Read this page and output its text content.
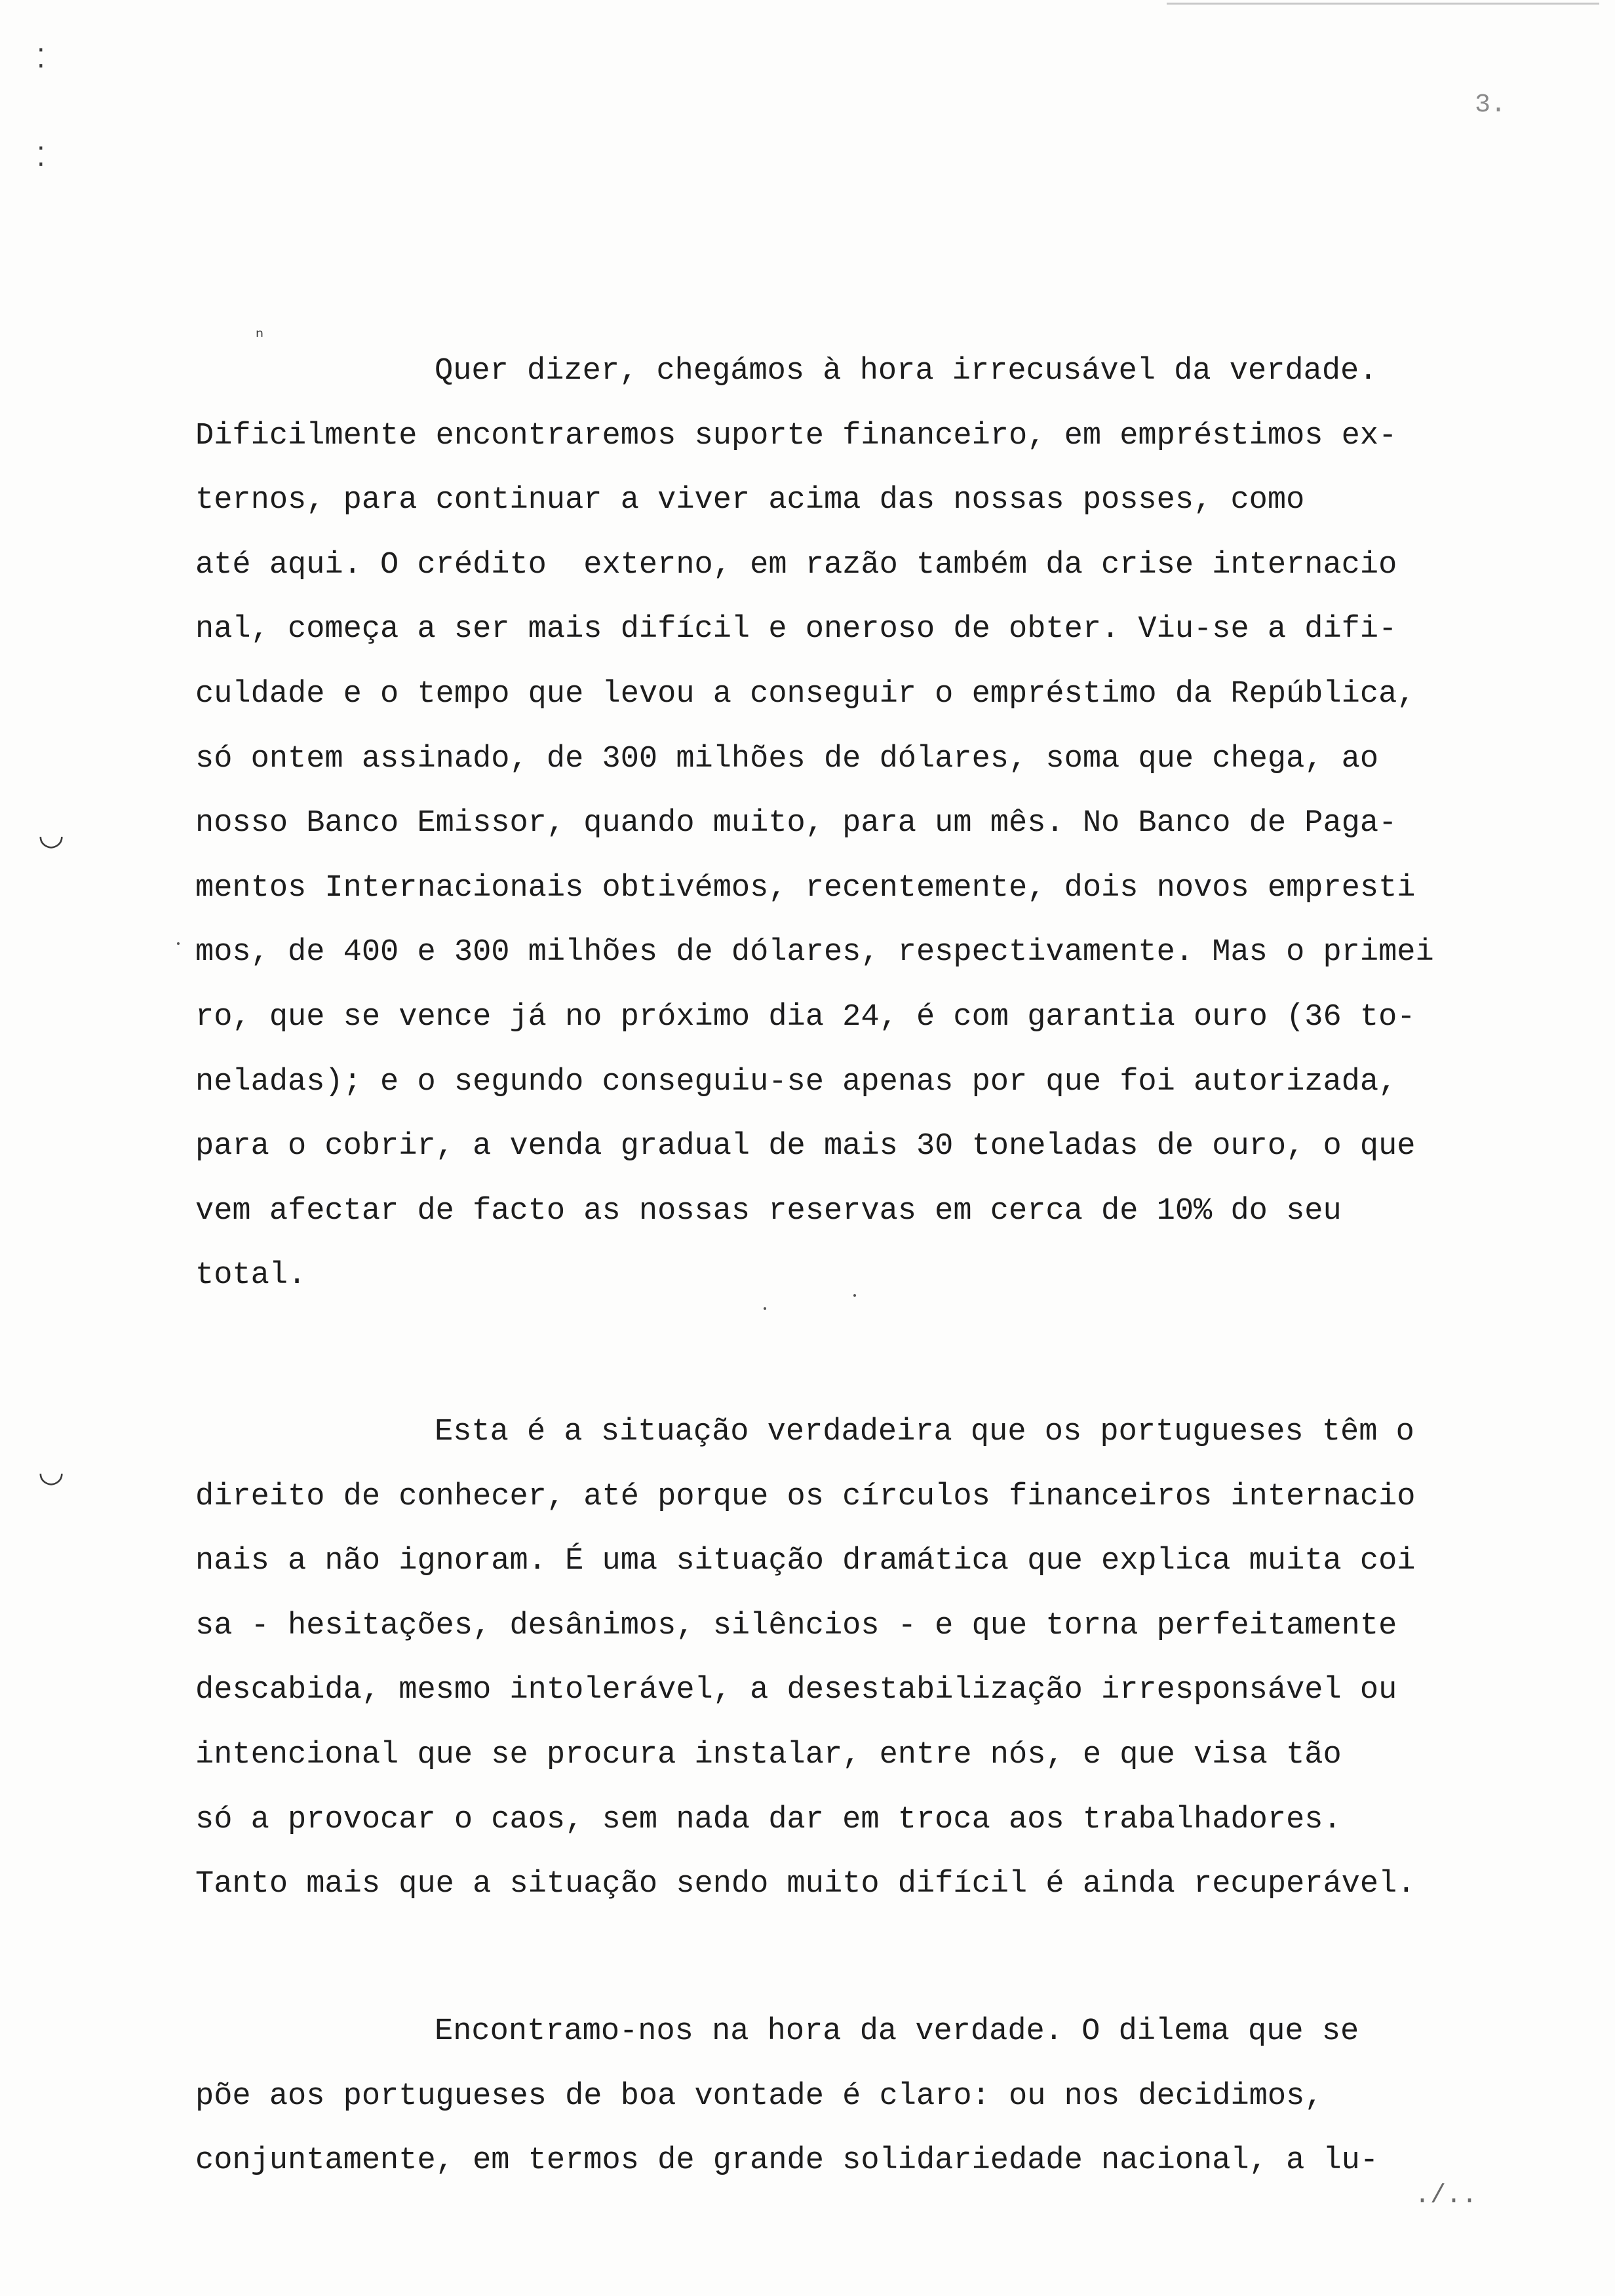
3.
⁚
⁚
◡
◡
ⁿ
Quer dizer, chegámos à hora irrecusável da verdade.
Dificilmente encontraremos suporte financeiro, em empréstimos ex-
ternos, para continuar a viver acima das nossas posses, como
até aqui. O crédito  externo, em razão também da crise internacio
nal, começa a ser mais difícil e oneroso de obter. Viu-se a difi-
culdade e o tempo que levou a conseguir o empréstimo da República,
só ontem assinado, de 300 milhões de dólares, soma que chega, ao
nosso Banco Emissor, quando muito, para um mês. No Banco de Paga-
mentos Internacionais obtivémos, recentemente, dois novos empresti
mos, de 400 e 300 milhões de dólares, respectivamente. Mas o primei
ro, que se vence já no próximo dia 24, é com garantia ouro (36 to-
neladas); e o segundo conseguiu-se apenas por que foi autorizada,
para o cobrir, a venda gradual de mais 30 toneladas de ouro, o que
vem afectar de facto as nossas reservas em cerca de 10% do seu
total.
Esta é a situação verdadeira que os portugueses têm o
direito de conhecer, até porque os círculos financeiros internacio
nais a não ignoram. É uma situação dramática que explica muita coi
sa - hesitações, desânimos, silêncios - e que torna perfeitamente
descabida, mesmo intolerável, a desestabilização irresponsável ou
intencional que se procura instalar, entre nós, e que visa tão
só a provocar o caos, sem nada dar em troca aos trabalhadores.
Tanto mais que a situação sendo muito difícil é ainda recuperável.
Encontramo-nos na hora da verdade. O dilema que se
põe aos portugueses de boa vontade é claro: ou nos decidimos,
conjuntamente, em termos de grande solidariedade nacional, a lu-
./..
